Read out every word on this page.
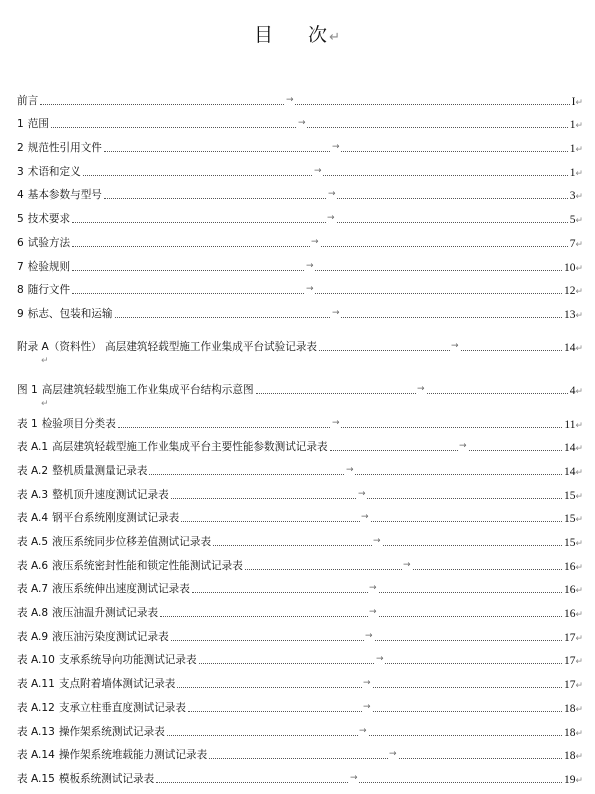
目 次↵
前言	I↵
→
1 范围	1↵
→
2 规范性引用文件	1↵
→
3 术语和定义	1↵
→
4 基本参数与型号	3↵
→
5 技术要求	5↵
→
6 试验方法	7↵
→
7 检验规则	10↵
→
8 随行文件	12↵
→
9 标志、包装和运输	13↵
→
附录 A（资料性） 高层建筑轻载型施工作业集成平台试验记录表	14↵
→
↵
图 1 高层建筑轻载型施工作业集成平台结构示意图	4↵
→
↵
表 1 检验项目分类表	11↵
→
表 A.1 高层建筑轻载型施工作业集成平台主要性能参数测试记录表	14↵
→
表 A.2 整机质量测量记录表	14↵
→
表 A.3 整机顶升速度测试记录表	15↵
→
表 A.4 钢平台系统刚度测试记录表	15↵
→
表 A.5 液压系统同步位移差值测试记录表	15↵
→
表 A.6 液压系统密封性能和锁定性能测试记录表	16↵
→
表 A.7 液压系统伸出速度测试记录表	16↵
→
表 A.8 液压油温升测试记录表	16↵
→
表 A.9 液压油污染度测试记录表	17↵
→
表 A.10 支承系统导向功能测试记录表	17↵
→
表 A.11 支点附着墙体测试记录表	17↵
→
表 A.12 支承立柱垂直度测试记录表	18↵
→
表 A.13 操作架系统测试记录表	18↵
→
表 A.14 操作架系统堆载能力测试记录表	18↵
→
表 A.15 模板系统测试记录表	19↵
→
